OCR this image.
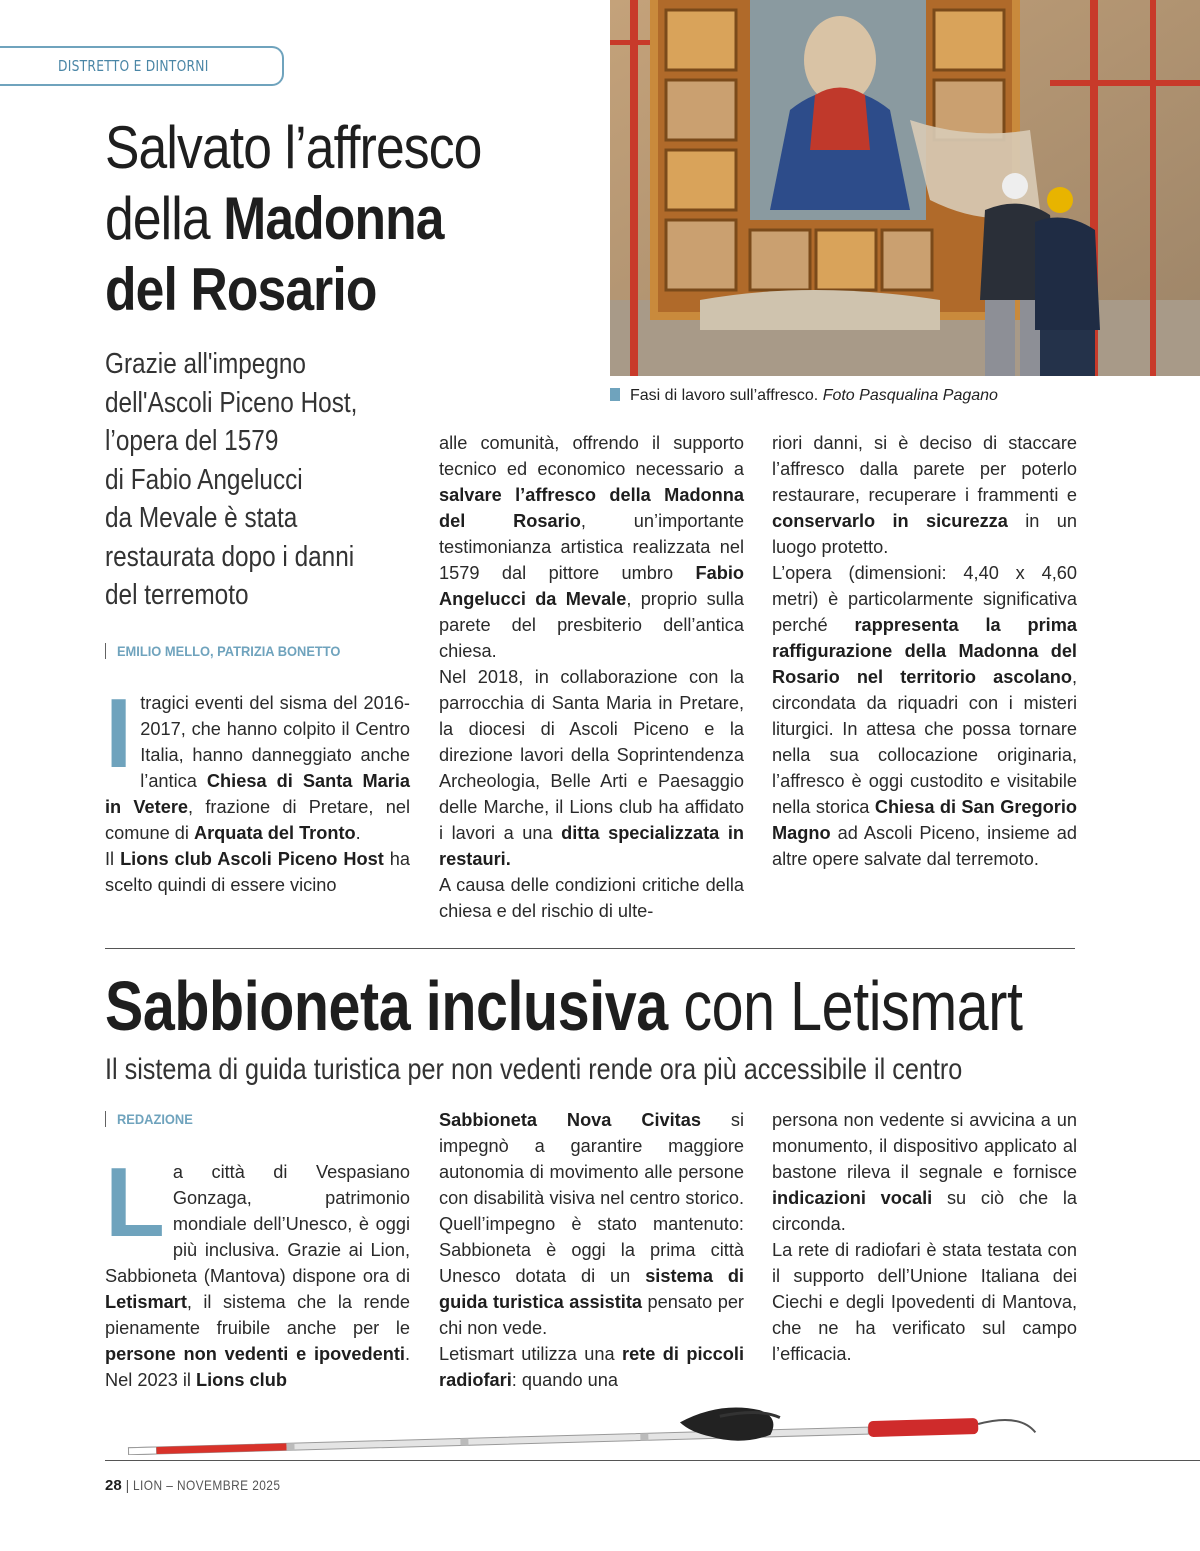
DISTRETTO E DINTORNI
Fasi di lavoro sull’affresco. Foto Pasqualina Pagano
Salvato l’affresco
della Madonna
del Rosario
Grazie all'impegno
dell'Ascoli Piceno Host,
l’opera del 1579
di Fabio Angelucci
da Mevale è stata
restaurata dopo i danni
del terremoto
EMILIO MELLO, PATRIZIA BONETTO

Itragici eventi del sisma del 2016-2017, che hanno colpito il Centro Italia, hanno danneggiato anche l’antica Chiesa di Santa Maria in Vetere, frazione di Pretare, nel comune di Arquata del Tronto.

Il Lions club Ascoli Piceno Host ha scelto quindi di essere vicino

alle comunità, offrendo il supporto tecnico ed economico necessario a salvare l’affresco della Madonna del Rosario, un’importante testimonianza artistica realizzata nel 1579 dal pittore umbro Fabio Angelucci da Mevale, proprio sulla parete del presbiterio dell’antica chiesa.

Nel 2018, in collaborazione con la parrocchia di Santa Maria in Pretare, la diocesi di Ascoli Piceno e la direzione lavori della Soprintendenza Archeologia, Belle Arti e Paesaggio delle Marche, il Lions club ha affidato i lavori a una ditta specializzata in restauri.

A causa delle condizioni critiche della chiesa e del rischio di ulte-

riori danni, si è deciso di staccare l’affresco dalla parete per poterlo restaurare, recuperare i frammenti e conservarlo in sicurezza in un luogo protetto.

L’opera (dimensioni: 4,40 x 4,60 metri) è particolarmente significativa perché rappresenta la prima raffigurazione della Madonna del Rosario nel territorio ascolano, circondata da riquadri con i misteri liturgici. In attesa che possa tornare nella sua collocazione originaria, l’affresco è oggi custodito e visitabile nella storica Chiesa di San Gregorio Magno ad Ascoli Piceno, insieme ad altre opere salvate dal terremoto.

Sabbioneta inclusiva con Letismart
Il sistema di guida turistica per non vedenti rende ora più accessibile il centro
REDAZIONE

La città di Vespasiano Gonzaga, patrimonio mondiale dell’Unesco, è oggi più inclusiva. Grazie ai Lion, Sabbioneta (Mantova) dispone ora di Letismart, il sistema che la rende pienamente fruibile anche per le persone non vedenti e ipovedenti. Nel 2023 il Lions club

Sabbioneta Nova Civitas si impegnò a garantire maggiore autonomia di movimento alle persone con disabilità visiva nel centro storico. Quell’impegno è stato mantenuto: Sabbioneta è oggi la prima città Unesco dotata di un sistema di guida turistica assistita pensato per chi non vede.

Letismart utilizza una rete di piccoli radiofari: quando una

persona non vedente si avvicina a un monumento, il dispositivo applicato al bastone rileva il segnale e fornisce indicazioni vocali su ciò che la circonda.

La rete di radiofari è stata testata con il supporto dell’Unione Italiana dei Ciechi e degli Ipovedenti di Mantova, che ne ha verificato sul campo l’efficacia.

28 | LION – NOVEMBRE 2025
